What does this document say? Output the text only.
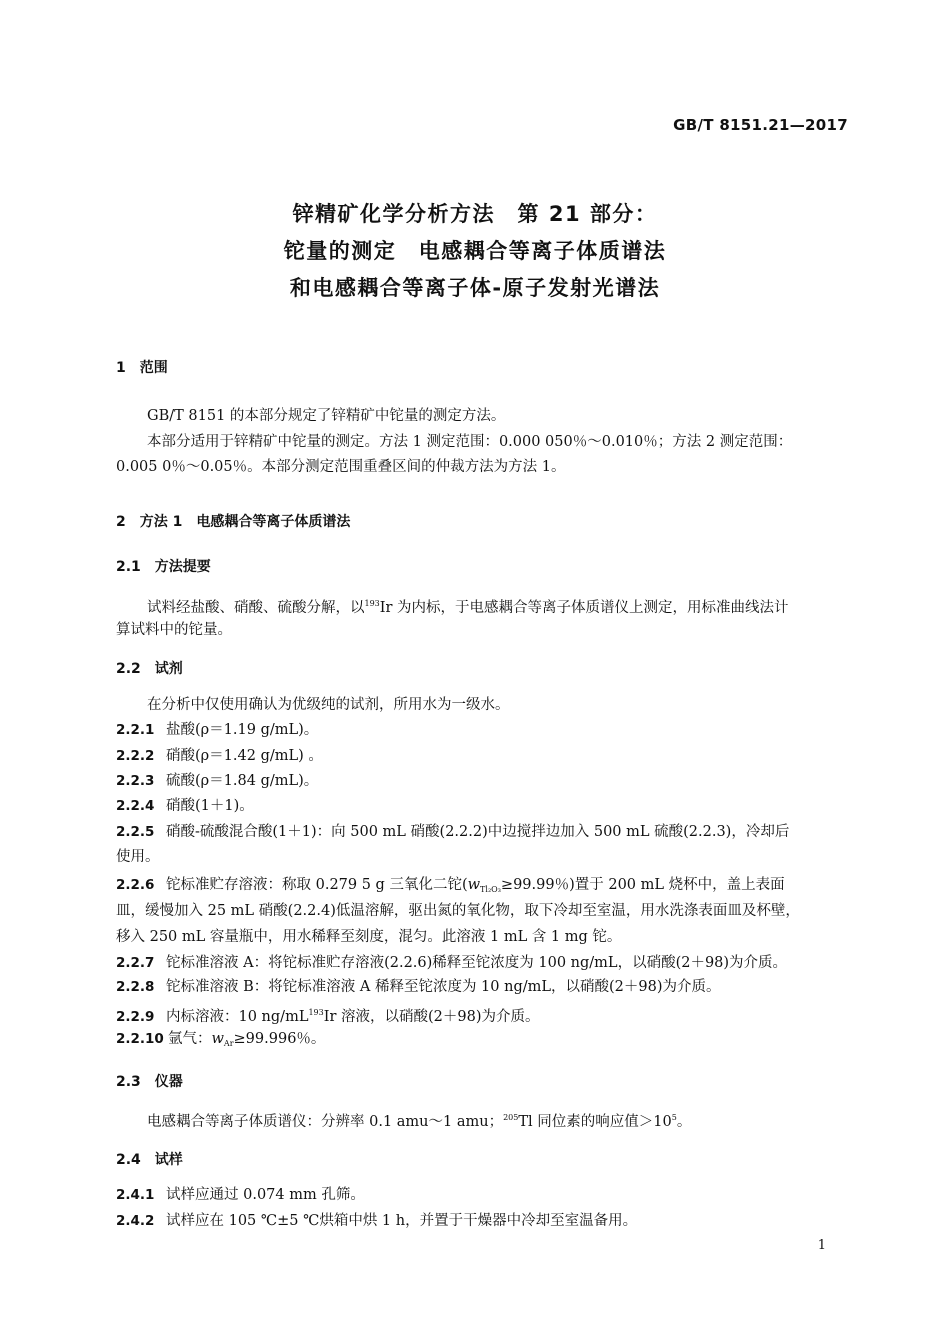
GB/T 8151.21—2017
锌精矿化学分析方法　第 21 部分：
铊量的测定　电感耦合等离子体质谱法
和电感耦合等离子体-原子发射光谱法
1　范围
GB/T 8151 的本部分规定了锌精矿中铊量的测定方法。
本部分适用于锌精矿中铊量的测定。方法 1 测定范围：0.000 050％～0.010％；方法 2 测定范围：
0.005 0％～0.05％。本部分测定范围重叠区间的仲裁方法为方法 1。
2　方法 1　电感耦合等离子体质谱法
2.1　方法提要
试料经盐酸、硝酸、硫酸分解，以$^{193}$Ir 为内标，于电感耦合等离子体质谱仪上测定，用标准曲线法计
算试料中的铊量。
2.2　试剂
在分析中仅使用确认为优级纯的试剂，所用水为一级水。
2.2.1 盐酸(ρ＝1.19 g/mL)。
2.2.2 硝酸(ρ＝1.42 g/mL) 。
2.2.3 硫酸(ρ＝1.84 g/mL)。
2.2.4 硝酸(1＋1)。
2.2.5 硝酸-硫酸混合酸(1＋1)：向 500 mL 硝酸(2.2.2)中边搅拌边加入 500 mL 硫酸(2.2.3)，冷却后
使用。
2.2.6 铊标准贮存溶液：称取 0.279 5 g 三氧化二铊($w_{Tl_2O_3}\ge 99.99$％)置于 200 mL 烧杯中，盖上表面
皿，缓慢加入 25 mL 硝酸(2.2.4)低温溶解，驱出氮的氧化物，取下冷却至室温，用水洗涤表面皿及杯壁，
移入 250 mL 容量瓶中，用水稀释至刻度，混匀。此溶液 1 mL 含 1 mg 铊。
2.2.7 铊标准溶液 A：将铊标准贮存溶液(2.2.6)稀释至铊浓度为 100 ng/mL，以硝酸(2＋98)为介质。
2.2.8 铊标准溶液 B：将铊标准溶液 A 稀释至铊浓度为 10 ng/mL，以硝酸(2＋98)为介质。
2.2.9 内标溶液：10 $ng/mL^{193}Ir$ 溶液，以硝酸(2＋98)为介质。
2.2.10 氩气：$w_{Ar}\ge 99.996$％。
2.3　仪器
电感耦合等离子体质谱仪：分辨率 0.1 amu～1 amu；$^{205}$Tl 同位素的响应值$>10^5$。
2.4　试样
2.4.1 试样应通过 0.074 mm 孔筛。
2.4.2 试样应在 105 ℃±5 ℃烘箱中烘 1 h，并置于干燥器中冷却至室温备用。
1
